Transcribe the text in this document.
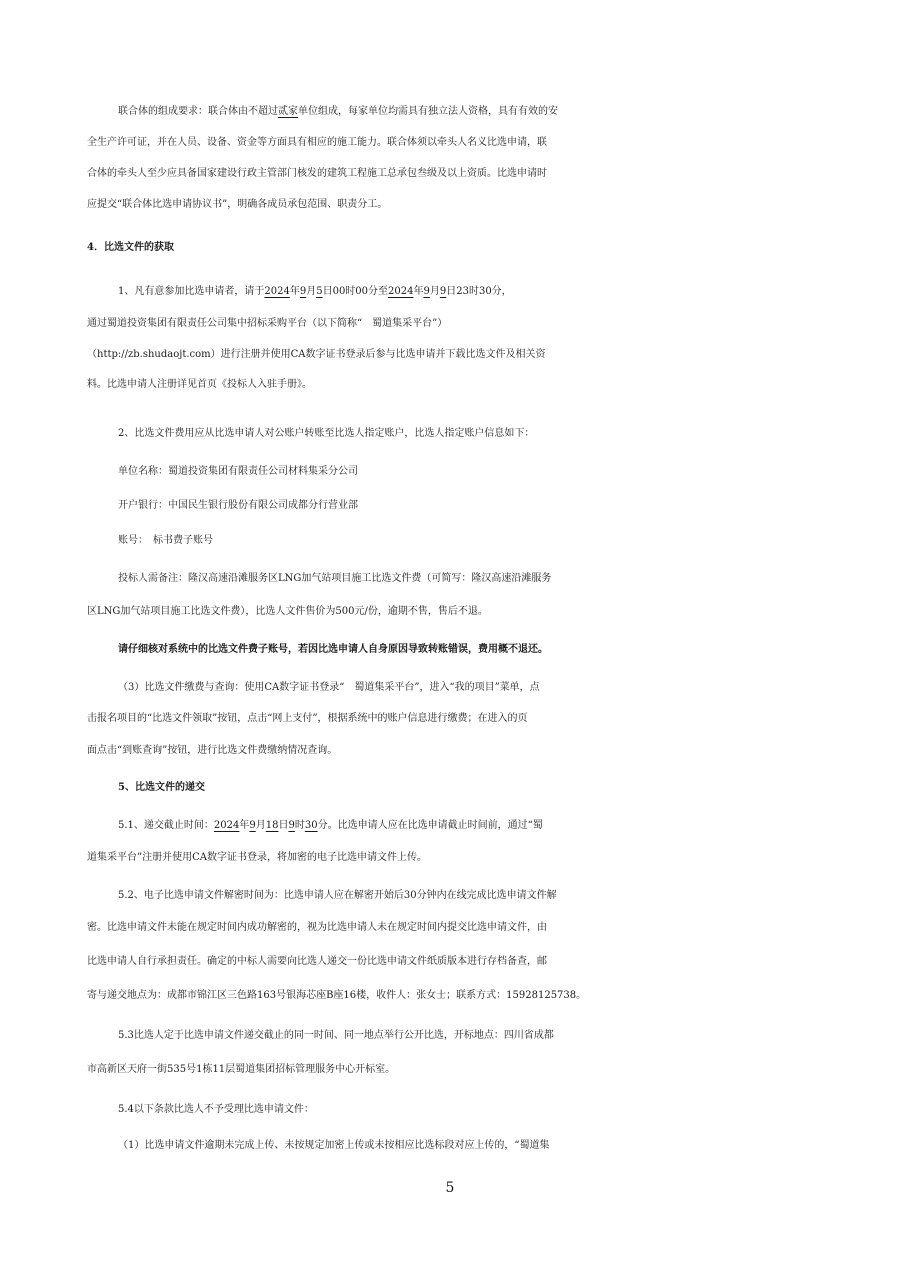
联合体的组成要求：联合体由不超过贰家单位组成，每家单位均需具有独立法人资格，具有有效的安
全生产许可证，并在人员、设备、资金等方面具有相应的施工能力。联合体须以牵头人名义比选申请，联
合体的牵头人至少应具备国家建设行政主管部门核发的建筑工程施工总承包叁级及以上资质。比选申请时
应提交“联合体比选申请协议书”，明确各成员承包范围、职责分工。
4．比选文件的获取
1、凡有意参加比选申请者，请于2024年9月5日00时00分至2024年9月9日23时30分，
通过蜀道投资集团有限责任公司集中招标采购平台（以下简称“　蜀道集采平台”）
（http://zb.shudaojt.com）进行注册并使用CA数字证书登录后参与比选申请并下载比选文件及相关资
料。比选申请人注册详见首页《投标人入驻手册》。
2、比选文件费用应从比选申请人对公账户转账至比选人指定账户，比选人指定账户信息如下：
单位名称：蜀道投资集团有限责任公司材料集采分公司
开户银行：中国民生银行股份有限公司成都分行营业部
账号：　标书费子账号
投标人需备注：隆汉高速沿滩服务区LNG加气站项目施工比选文件费（可简写：隆汉高速沿滩服务
区LNG加气站项目施工比选文件费），比选人文件售价为500元/份，逾期不售，售后不退。
请仔细核对系统中的比选文件费子账号，若因比选申请人自身原因导致转账错误，费用概不退还。
（3）比选文件缴费与查询：使用CA数字证书登录“　蜀道集采平台”，进入“我的项目”菜单，点
击报名项目的“比选文件领取”按钮，点击“网上支付”，根据系统中的账户信息进行缴费；在进入的页
面点击“到账查询”按钮，进行比选文件费缴纳情况查询。
5、比选文件的递交
5.1、递交截止时间：2024年9月18日9时30分。比选申请人应在比选申请截止时间前，通过“蜀
道集采平台”注册并使用CA数字证书登录，将加密的电子比选申请文件上传。
5.2、电子比选申请文件解密时间为：比选申请人应在解密开始后30分钟内在线完成比选申请文件解
密。比选申请文件未能在规定时间内成功解密的，视为比选申请人未在规定时间内提交比选申请文件，由
比选申请人自行承担责任。确定的中标人需要向比选人递交一份比选申请文件纸质版本进行存档备查，邮
寄与递交地点为：成都市锦江区三色路163号银海芯座B座16楼，收件人：张女士；联系方式：15928125738。
5.3比选人定于比选申请文件递交截止的同一时间、同一地点举行公开比选，开标地点：四川省成都
市高新区天府一街535号1栋11层蜀道集团招标管理服务中心开标室。
5.4以下条款比选人不予受理比选申请文件：
（1）比选申请文件逾期未完成上传、未按规定加密上传或未按相应比选标段对应上传的，“蜀道集
5
